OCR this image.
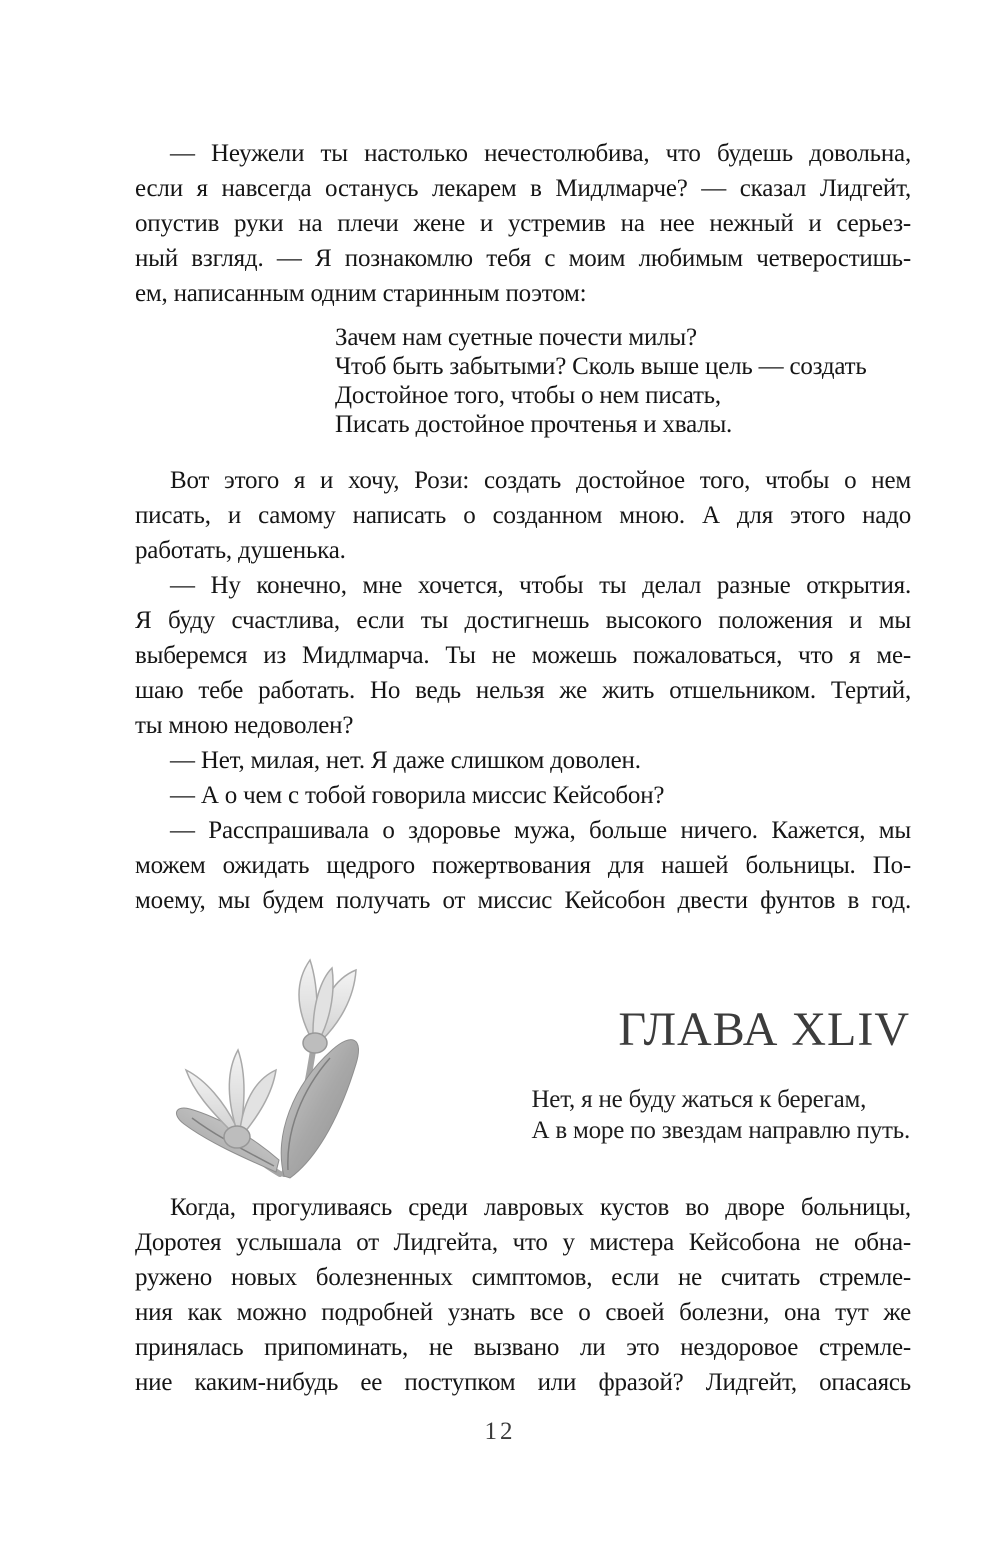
— Неужели ты настолько нечестолюбива, что будешь довольна,

если я навсегда останусь лекарем в Мидлмарче? — сказал Лидгейт,

опустив руки на плечи жене и устремив на нее нежный и серьез-

ный взгляд. — Я познакомлю тебя с моим любимым четверостишь-

ем, написанным одним старинным поэтом:

Зачем нам суетные почести милы?

Чтоб быть забытыми? Сколь выше цель — создать

Достойное того, чтобы о нем писать,

Писать достойное прочтенья и хвалы.

Вот этого я и хочу, Рози: создать достойное того, чтобы о нем

писать, и самому написать о созданном мною. А для этого надо

работать, душенька.

— Ну конечно, мне хочется, чтобы ты делал разные открытия.

Я буду счастлива, если ты достигнешь высокого положения и мы

выберемся из Мидлмарча. Ты не можешь пожаловаться, что я ме-

шаю тебе работать. Но ведь нельзя же жить отшельником. Тертий,

ты мною недоволен?

— Нет, милая, нет. Я даже слишком доволен.

— А о чем с тобой говорила миссис Кейсобон?

— Расспрашивала о здоровье мужа, больше ничего. Кажется, мы

можем ожидать щедрого пожертвования для нашей больницы. По-

моему, мы будем получать от миссис Кейсобон двести фунтов в год.

ГЛАВА XLIV

Нет, я не буду жаться к берегам,

А в море по звездам направлю путь.

Когда, прогуливаясь среди лавровых кустов во дворе больницы,

Доротея услышала от Лидгейта, что у мистера Кейсобона не обна-

ружено новых болезненных симптомов, если не считать стремле-

ния как можно подробней узнать все о своей болезни, она тут же

принялась припоминать, не вызвано ли это нездоровое стремле-

ние каким-нибудь ее поступком или фразой? Лидгейт, опасаясь

12
